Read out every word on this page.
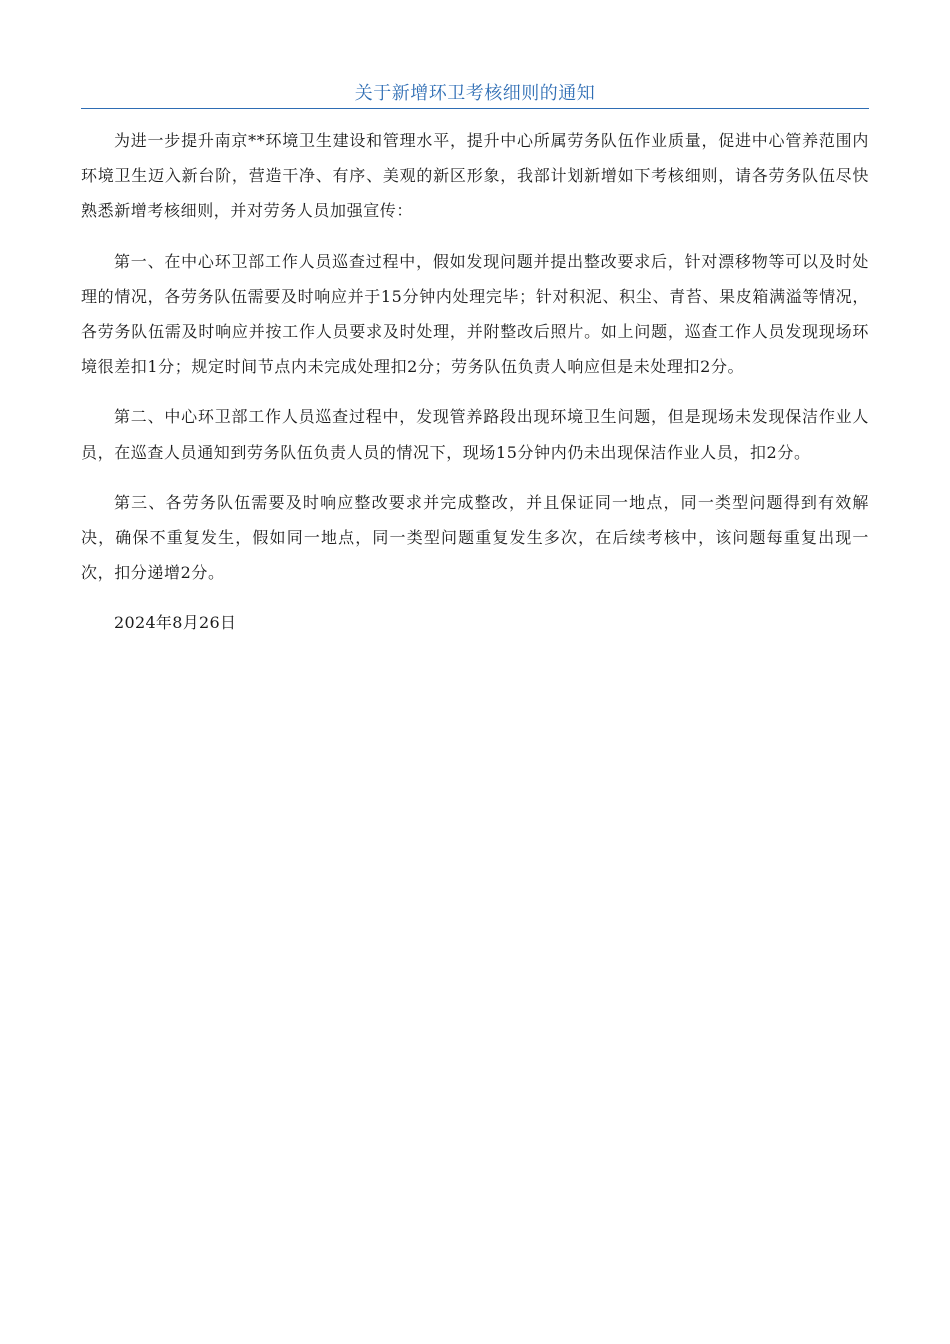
关于新增环卫考核细则的通知

为进一步提升南京**环境卫生建设和管理水平，提升中心所属劳务队伍作业质量，促进中心管养范围内环境卫生迈入新台阶，营造干净、有序、美观的新区形象，我部计划新增如下考核细则，请各劳务队伍尽快熟悉新增考核细则，并对劳务人员加强宣传：

第一、在中心环卫部工作人员巡查过程中，假如发现问题并提出整改要求后，针对漂移物等可以及时处理的情况，各劳务队伍需要及时响应并于15分钟内处理完毕；针对积泥、积尘、青苔、果皮箱满溢等情况，各劳务队伍需及时响应并按工作人员要求及时处理，并附整改后照片。如上问题，巡查工作人员发现现场环境很差扣1分；规定时间节点内未完成处理扣2分；劳务队伍负责人响应但是未处理扣2分。

第二、中心环卫部工作人员巡查过程中，发现管养路段出现环境卫生问题，但是现场未发现保洁作业人员，在巡查人员通知到劳务队伍负责人员的情况下，现场15分钟内仍未出现保洁作业人员，扣2分。

第三、各劳务队伍需要及时响应整改要求并完成整改，并且保证同一地点，同一类型问题得到有效解决，确保不重复发生，假如同一地点，同一类型问题重复发生多次，在后续考核中，该问题每重复出现一次，扣分递增2分。

2024年8月26日
